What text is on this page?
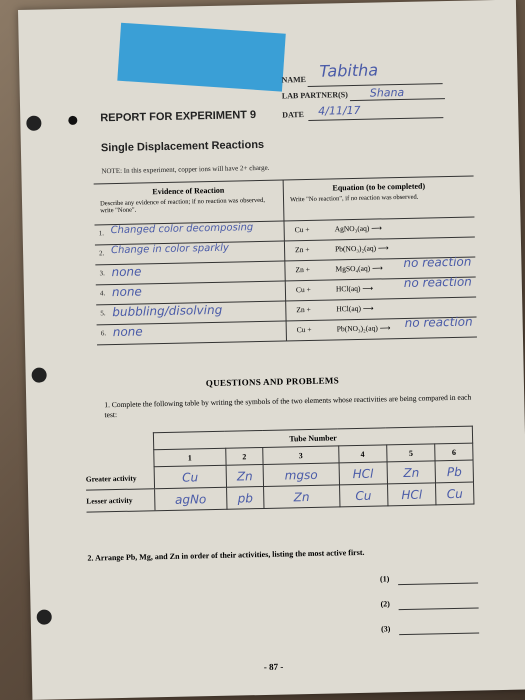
NAME Tabitha
LAB PARTNER(S) Shana
DATE 4/11/17
REPORT FOR EXPERIMENT 9
Single Displacement Reactions
NOTE: In this experiment, copper ions will have 2+ charge.
Evidence of Reaction
Describe any evidence of reaction; if no reaction was observed, write "None".
Equation (to be completed)
Write "No reaction", if no reaction was observed.
1. Changed color decomposing	Cu +	AgNO₃(aq) ⟶
2. Change in color sparkly	Zn +	Pb(NO₃)₂(aq) ⟶
3. none	Zn +	MgSO₄(aq) ⟶ no reaction
4. none	Cu +	HCl(aq) ⟶	no reaction
5. bubbling/disolving	Zn +	HCl(aq) ⟶
6. none	Cu +	Pb(NO₃)₂(aq) ⟶ no reaction
QUESTIONS AND PROBLEMS
1. Complete the following table by writing the symbols of the two elements whose reactivities are being compared in each test:
	Tube Number					
	1	2	3	4	5	6
Greater activity	Cu	Zn	mgso	HCl	Zn	Pb
Lesser activity	agNo	pb	Zn	Cu	HCl	Cu
2. Arrange Pb, Mg, and Zn in order of their activities, listing the most active first.
(1)
(2)
(3)
- 87 -
